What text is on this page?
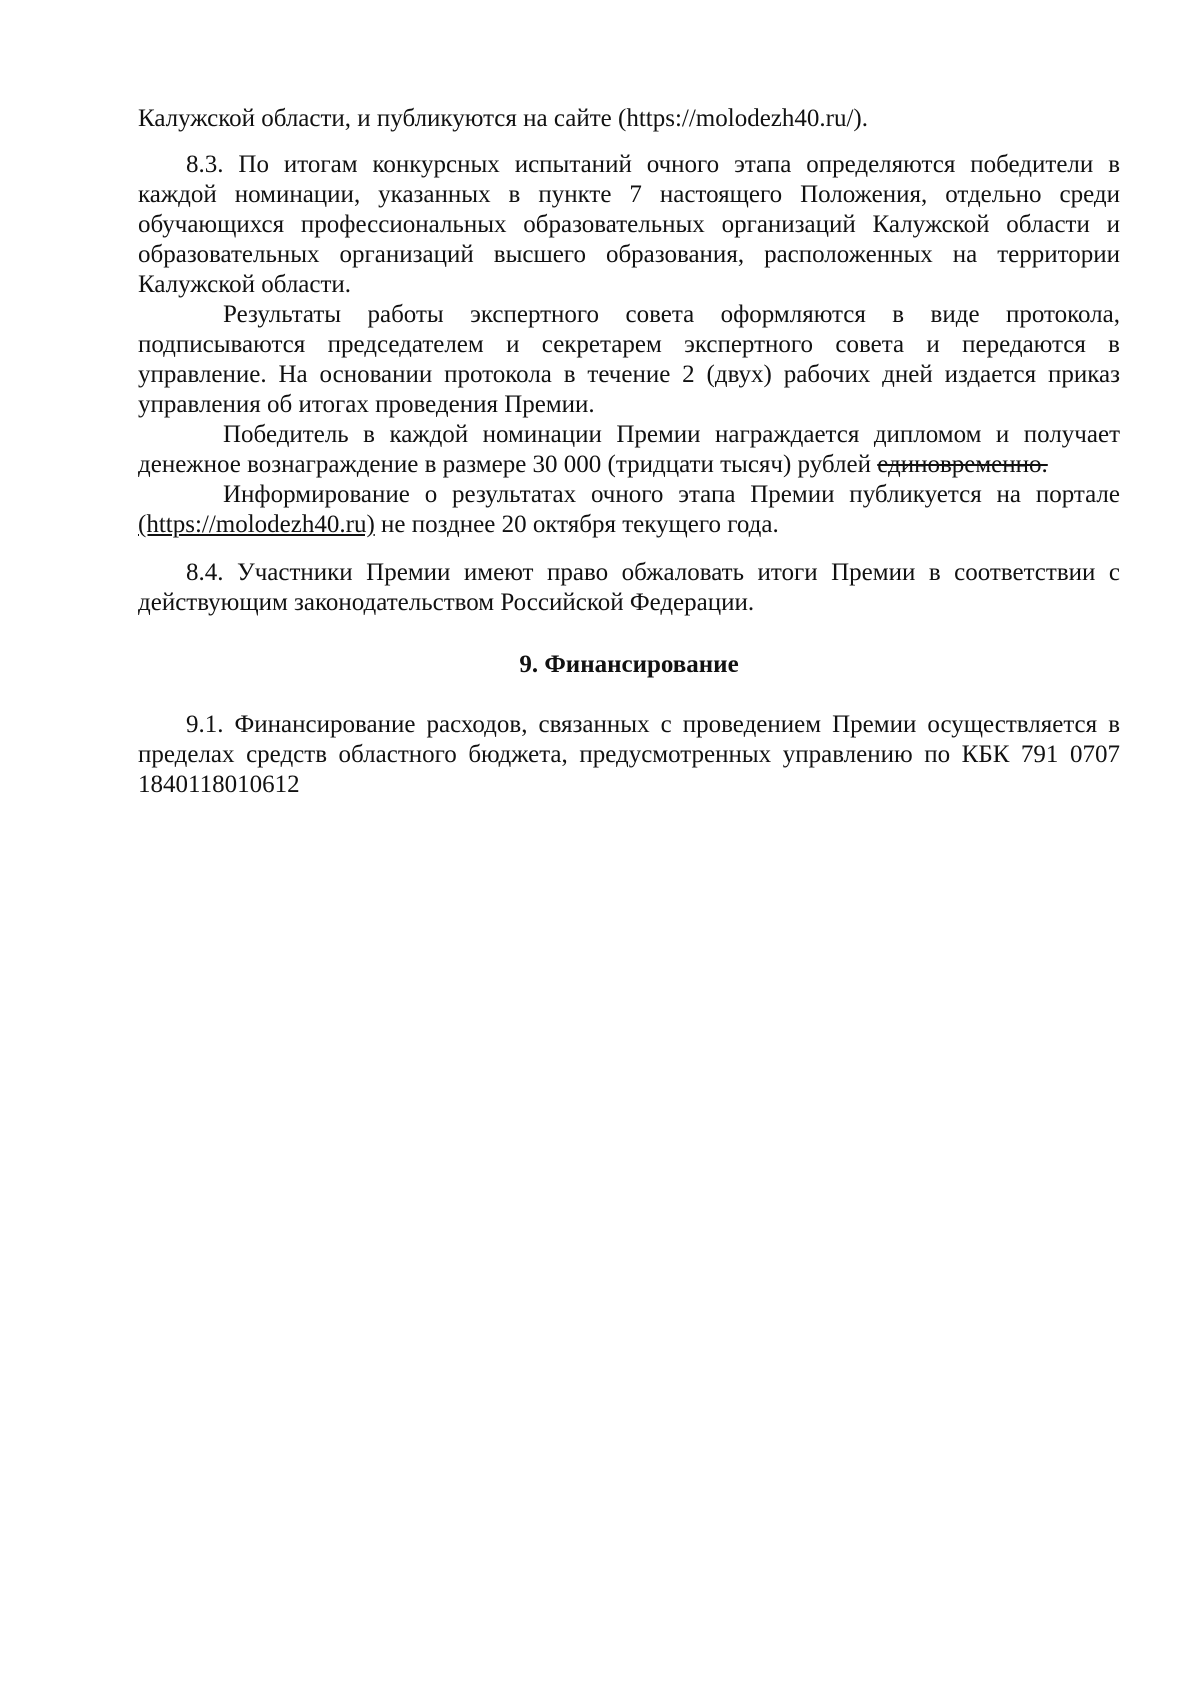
Калужской области, и публикуются на сайте (https://molodezh40.ru/).

8.3. По итогам конкурсных испытаний очного этапа определяются победители в каждой номинации, указанных в пункте 7 настоящего Положения, отдельно среди обучающихся профессиональных образовательных организаций Калужской области и образовательных организаций высшего образования, расположенных на территории Калужской области.

Результаты работы экспертного совета оформляются в виде протокола, подписываются председателем и секретарем экспертного совета и передаются в управление. На основании протокола в течение 2 (двух) рабочих дней издается приказ управления об итогах проведения Премии.

Победитель в каждой номинации Премии награждается дипломом и получает денежное вознаграждение в размере 30 000 (тридцати тысяч) рублей единовременно.

Информирование о результатах очного этапа Премии публикуется на портале (https://molodezh40.ru) не позднее 20 октября текущего года.

8.4. Участники Премии имеют право обжаловать итоги Премии в соответствии с действующим законодательством Российской Федерации.

9. Финансирование

9.1. Финансирование расходов, связанных с проведением Премии осуществляется в пределах средств областного бюджета, предусмотренных управлению по КБК 791 0707 1840118010612
